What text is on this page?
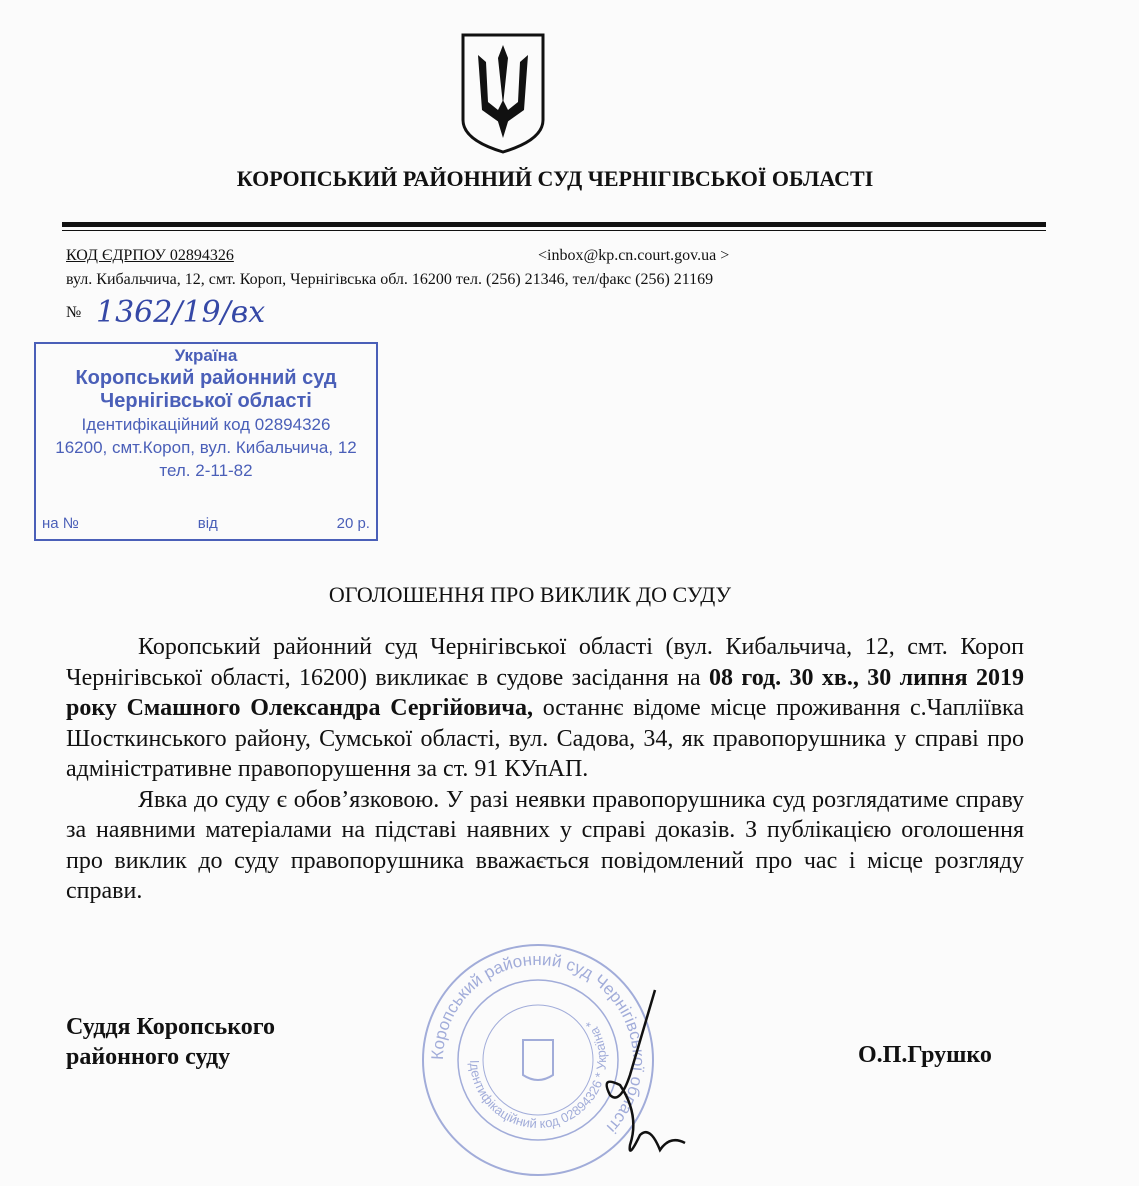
КОРОПСЬКИЙ РАЙОННИЙ СУД ЧЕРНІГІВСЬКОЇ ОБЛАСТІ
КОД ЄДРПОУ 02894326	<inbox@kp.cn.court.gov.ua >
вул. Кибальчича, 12, смт. Короп, Чернігівська обл. 16200 тел. (256) 21346, тел/факс (256) 21169
№ 1362/19/вх
Україна
Коропський районний суд
Чернігівської області
Ідентифікаційний код 02894326
16200, смт.Короп, вул. Кибальчича, 12
тел. 2-11-82
на №	від	20 р.
ОГОЛОШЕННЯ ПРО ВИКЛИК ДО СУДУ

Коропський районний суд Чернігівської області (вул. Кибальчича, 12, смт. Короп Чернігівської області, 16200) викликає в судове засідання на 08 год. 30 хв., 30 липня 2019 року Смашного Олександра Сергійовича, останнє відоме місце проживання с.Чапліївка Шосткинського району, Сумської області, вул. Садова, 34, як правопорушника у справі про адміністративне правопорушення за ст. 91 КУпАП.

Явка до суду є обов’язковою. У разі неявки правопорушника суд розглядатиме справу за наявними матеріалами на підставі наявних у справі доказів. З публікацією оголошення про виклик до суду правопорушника вважається повідомлений про час і місце розгляду справи.

Коропський районний суд Чернігівської області
Ідентифікаційний код 02894326 * Україна *
Суддя Коропського
районного суду	О.П.Грушко
